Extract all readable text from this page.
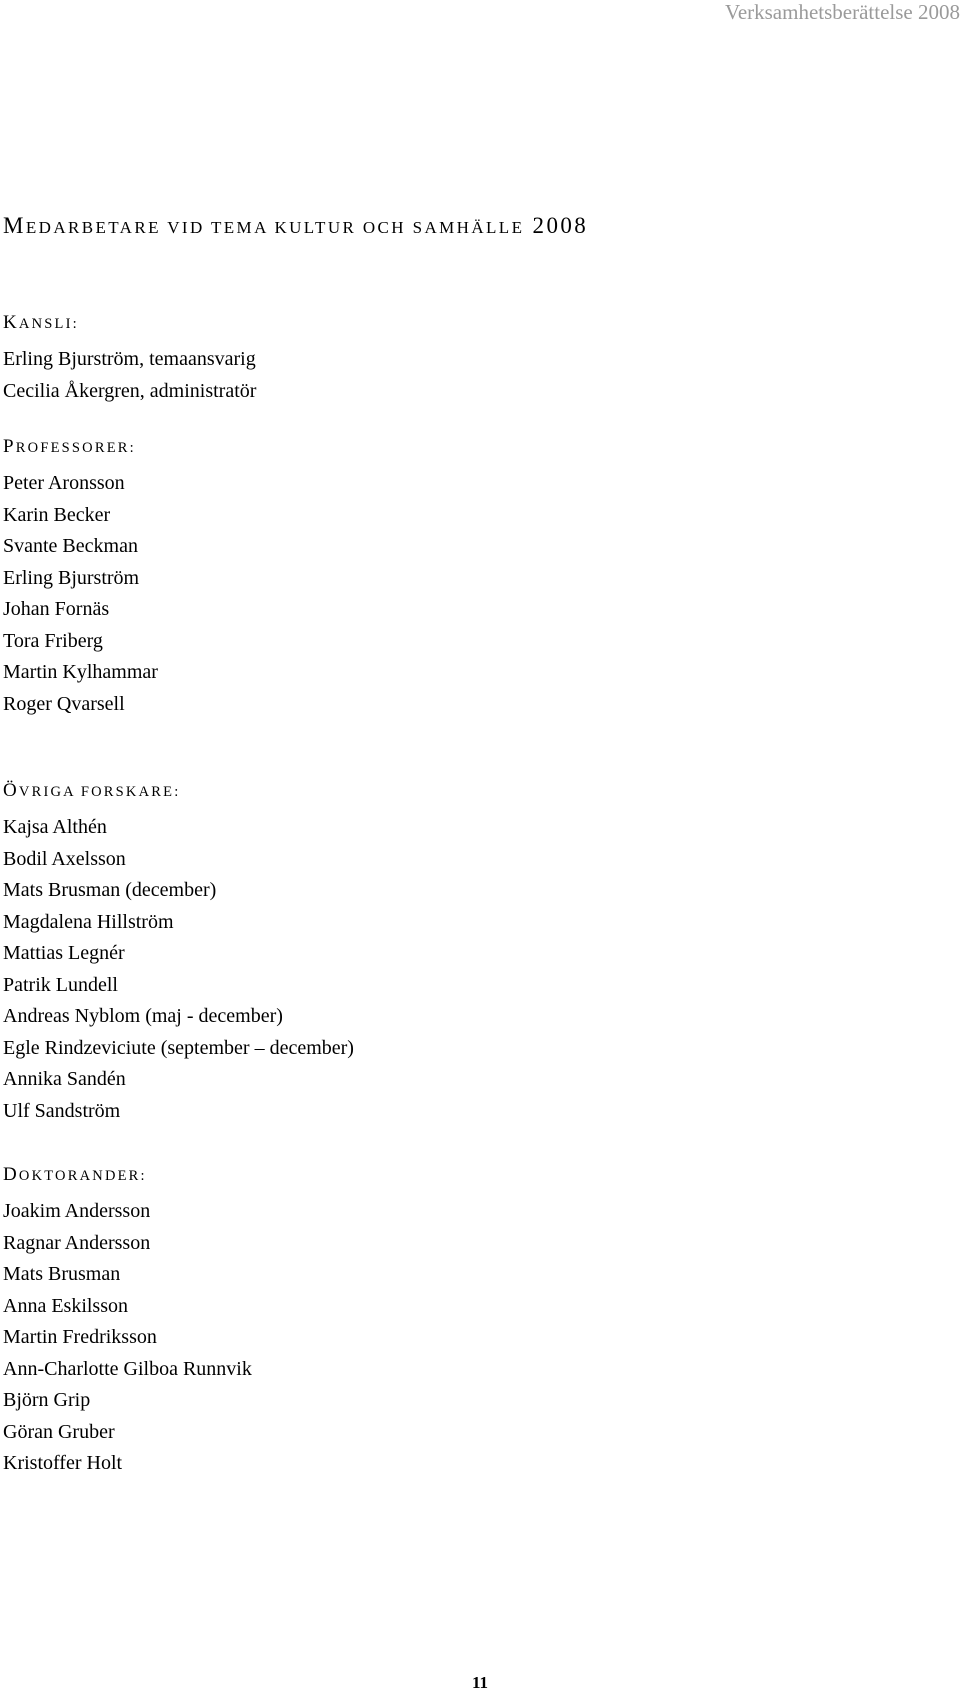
Verksamhetsberättelse 2008
MEDARBETARE VID TEMA KULTUR OCH SAMHÄLLE 2008
KANSLI:
Erling Bjurström, temaansvarig
Cecilia Åkergren, administratör
PROFESSORER:
Peter Aronsson
Karin Becker
Svante Beckman
Erling Bjurström
Johan Fornäs
Tora Friberg
Martin Kylhammar
Roger Qvarsell
ÖVRIGA FORSKARE:
Kajsa Althén
Bodil Axelsson
Mats Brusman (december)
Magdalena Hillström
Mattias Legnér
Patrik Lundell
Andreas Nyblom (maj - december)
Egle Rindzeviciute (september – december)
Annika Sandén
Ulf Sandström
DOKTORANDER:
Joakim Andersson
Ragnar Andersson
Mats Brusman
Anna Eskilsson
Martin Fredriksson
Ann-Charlotte Gilboa Runnvik
Björn Grip
Göran Gruber
Kristoffer Holt
11
